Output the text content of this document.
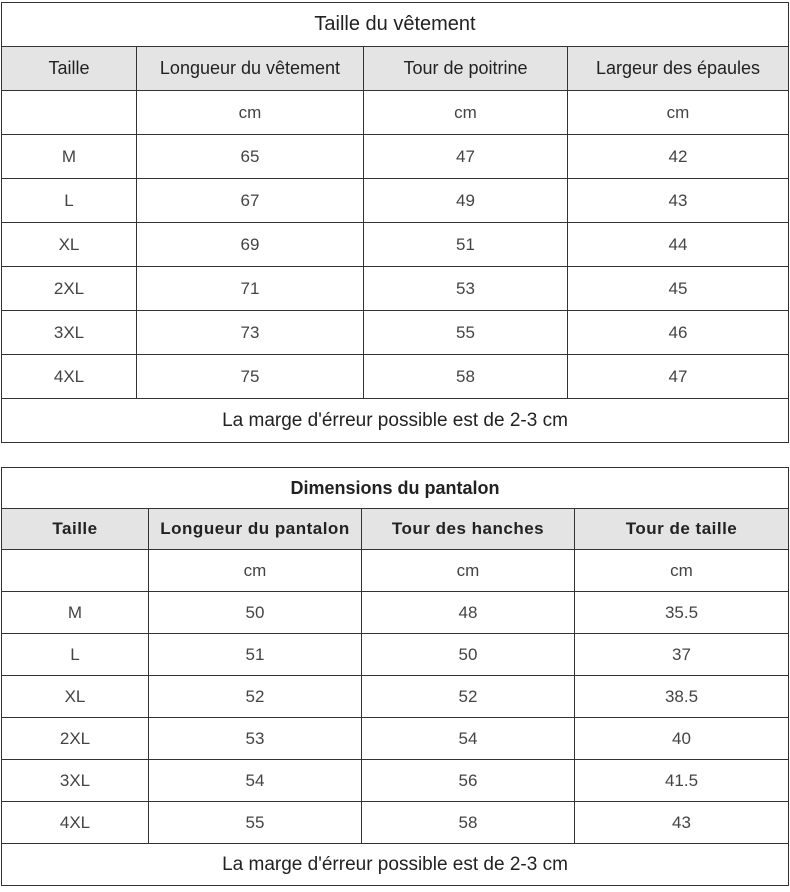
Taille du vêtement			
Taille	Longueur du vêtement	Tour de poitrine	Largeur des épaules
	cm	cm	cm
M	65	47	42
L	67	49	43
XL	69	51	44
2XL	71	53	45
3XL	73	55	46
4XL	75	58	47
La marge d'érreur possible est de 2-3 cm			
Dimensions du pantalon			
Taille	Longueur du pantalon	Tour des hanches	Tour de taille
	cm	cm	cm
M	50	48	35.5
L	51	50	37
XL	52	52	38.5
2XL	53	54	40
3XL	54	56	41.5
4XL	55	58	43
La marge d'érreur possible est de 2-3 cm			
